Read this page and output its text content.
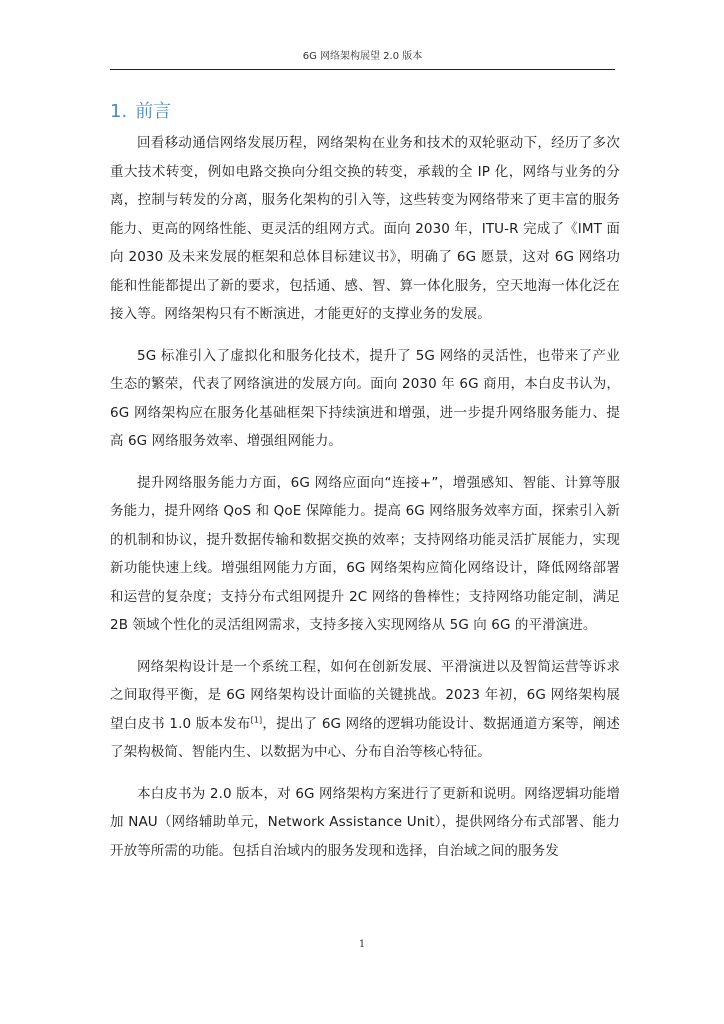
6G 网络架构展望 2.0 版本
1. 前言

回看移动通信网络发展历程，网络架构在业务和技术的双轮驱动下，经历了多次重大技术转变，例如电路交换向分组交换的转变，承载的全 IP 化，网络与业务的分离，控制与转发的分离，服务化架构的引入等，这些转变为网络带来了更丰富的服务能力、更高的网络性能、更灵活的组网方式。面向 2030 年，ITU-R 完成了《IMT 面向 2030 及未来发展的框架和总体目标建议书》，明确了 6G 愿景，这对 6G 网络功能和性能都提出了新的要求，包括通、感、智、算一体化服务，空天地海一体化泛在接入等。网络架构只有不断演进，才能更好的支撑业务的发展。

5G 标准引入了虚拟化和服务化技术，提升了 5G 网络的灵活性，也带来了产业生态的繁荣，代表了网络演进的发展方向。面向 2030 年 6G 商用，本白皮书认为，6G 网络架构应在服务化基础框架下持续演进和增强，进一步提升网络服务能力、提高 6G 网络服务效率、增强组网能力。

提升网络服务能力方面，6G 网络应面向“连接+”，增强感知、智能、计算等服务能力，提升网络 QoS 和 QoE 保障能力。提高 6G 网络服务效率方面，探索引入新的机制和协议，提升数据传输和数据交换的效率；支持网络功能灵活扩展能力，实现新功能快速上线。增强组网能力方面，6G 网络架构应简化网络设计，降低网络部署和运营的复杂度；支持分布式组网提升 2C 网络的鲁棒性；支持网络功能定制，满足 2B 领域个性化的灵活组网需求，支持多接入实现网络从 5G 向 6G 的平滑演进。

网络架构设计是一个系统工程，如何在创新发展、平滑演进以及智简运营等诉求之间取得平衡，是 6G 网络架构设计面临的关键挑战。2023 年初，6G 网络架构展望白皮书 1.0 版本发布[1]，提出了 6G 网络的逻辑功能设计、数据通道方案等，阐述了架构极简、智能内生、以数据为中心、分布自治等核心特征。

本白皮书为 2.0 版本，对 6G 网络架构方案进行了更新和说明。网络逻辑功能增加 NAU（网络辅助单元，Network Assistance Unit），提供网络分布式部署、能力开放等所需的功能。包括自治域内的服务发现和选择，自治域之间的服务发

1
